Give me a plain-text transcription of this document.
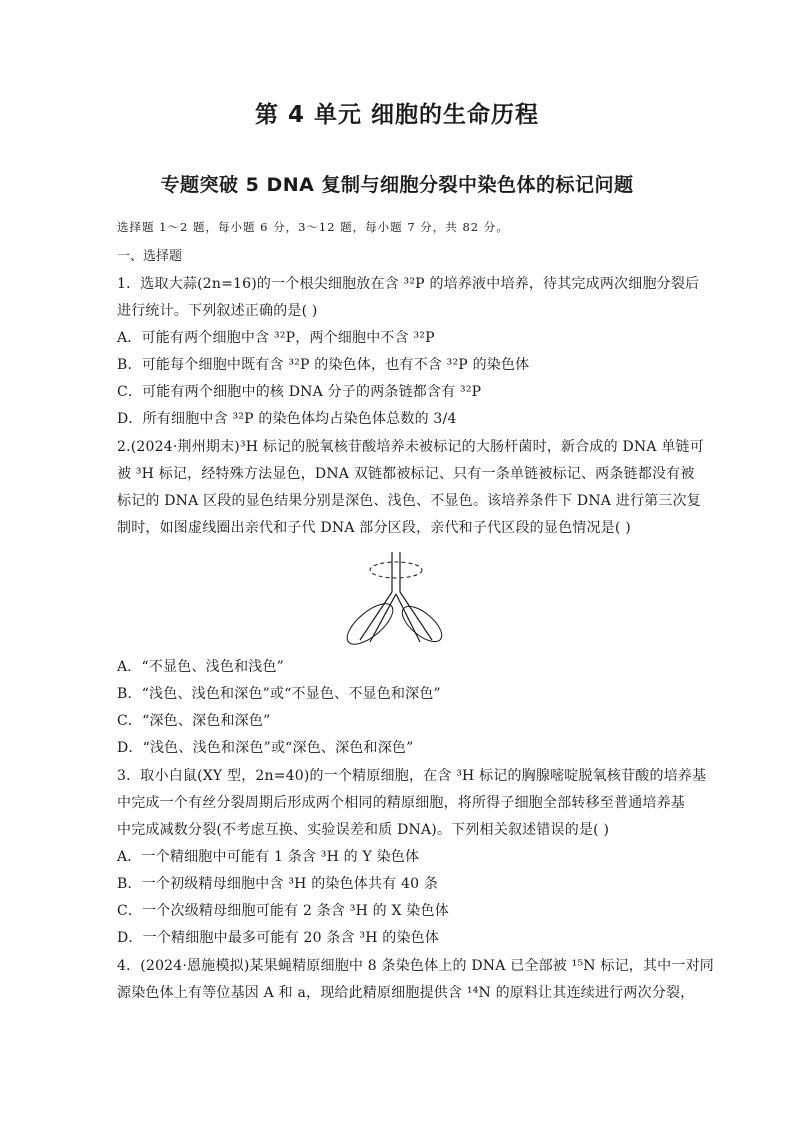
第 4 单元 细胞的生命历程
专题突破 5 DNA 复制与细胞分裂中染色体的标记问题
选择题 1～2 题，每小题 6 分，3～12 题，每小题 7 分，共 82 分。
一、选择题
1．选取大蒜(2n=16)的一个根尖细胞放在含 ³²P 的培养液中培养，待其完成两次细胞分裂后
进行统计。下列叙述正确的是( )
A．可能有两个细胞中含 ³²P，两个细胞中不含 ³²P
B．可能每个细胞中既有含 ³²P 的染色体，也有不含 ³²P 的染色体
C．可能有两个细胞中的核 DNA 分子的两条链都含有 ³²P
D．所有细胞中含 ³²P 的染色体均占染色体总数的 3/4
2.(2024·荆州期末)³H 标记的脱氧核苷酸培养未被标记的大肠杆菌时，新合成的 DNA 单链可
被 ³H 标记，经特殊方法显色，DNA 双链都被标记、只有一条单链被标记、两条链都没有被
标记的 DNA 区段的显色结果分别是深色、浅色、不显色。该培养条件下 DNA 进行第三次复
制时，如图虚线圈出亲代和子代 DNA 部分区段，亲代和子代区段的显色情况是( )
A．“不显色、浅色和浅色”
B．“浅色、浅色和深色”或“不显色、不显色和深色”
C．“深色、深色和深色”
D．“浅色、浅色和深色”或“深色、深色和深色”
3．取小白鼠(XY 型，2n=40)的一个精原细胞，在含 ³H 标记的胸腺嘧啶脱氧核苷酸的培养基
中完成一个有丝分裂周期后形成两个相同的精原细胞，将所得子细胞全部转移至普通培养基
中完成减数分裂(不考虑互换、实验误差和质 DNA)。下列相关叙述错误的是( )
A．一个精细胞中可能有 1 条含 ³H 的 Y 染色体
B．一个初级精母细胞中含 ³H 的染色体共有 40 条
C．一个次级精母细胞可能有 2 条含 ³H 的 X 染色体
D．一个精细胞中最多可能有 20 条含 ³H 的染色体
4．(2024·恩施模拟)某果蝇精原细胞中 8 条染色体上的 DNA 已全部被 ¹⁵N 标记，其中一对同
源染色体上有等位基因 A 和 a，现给此精原细胞提供含 ¹⁴N 的原料让其连续进行两次分裂，
